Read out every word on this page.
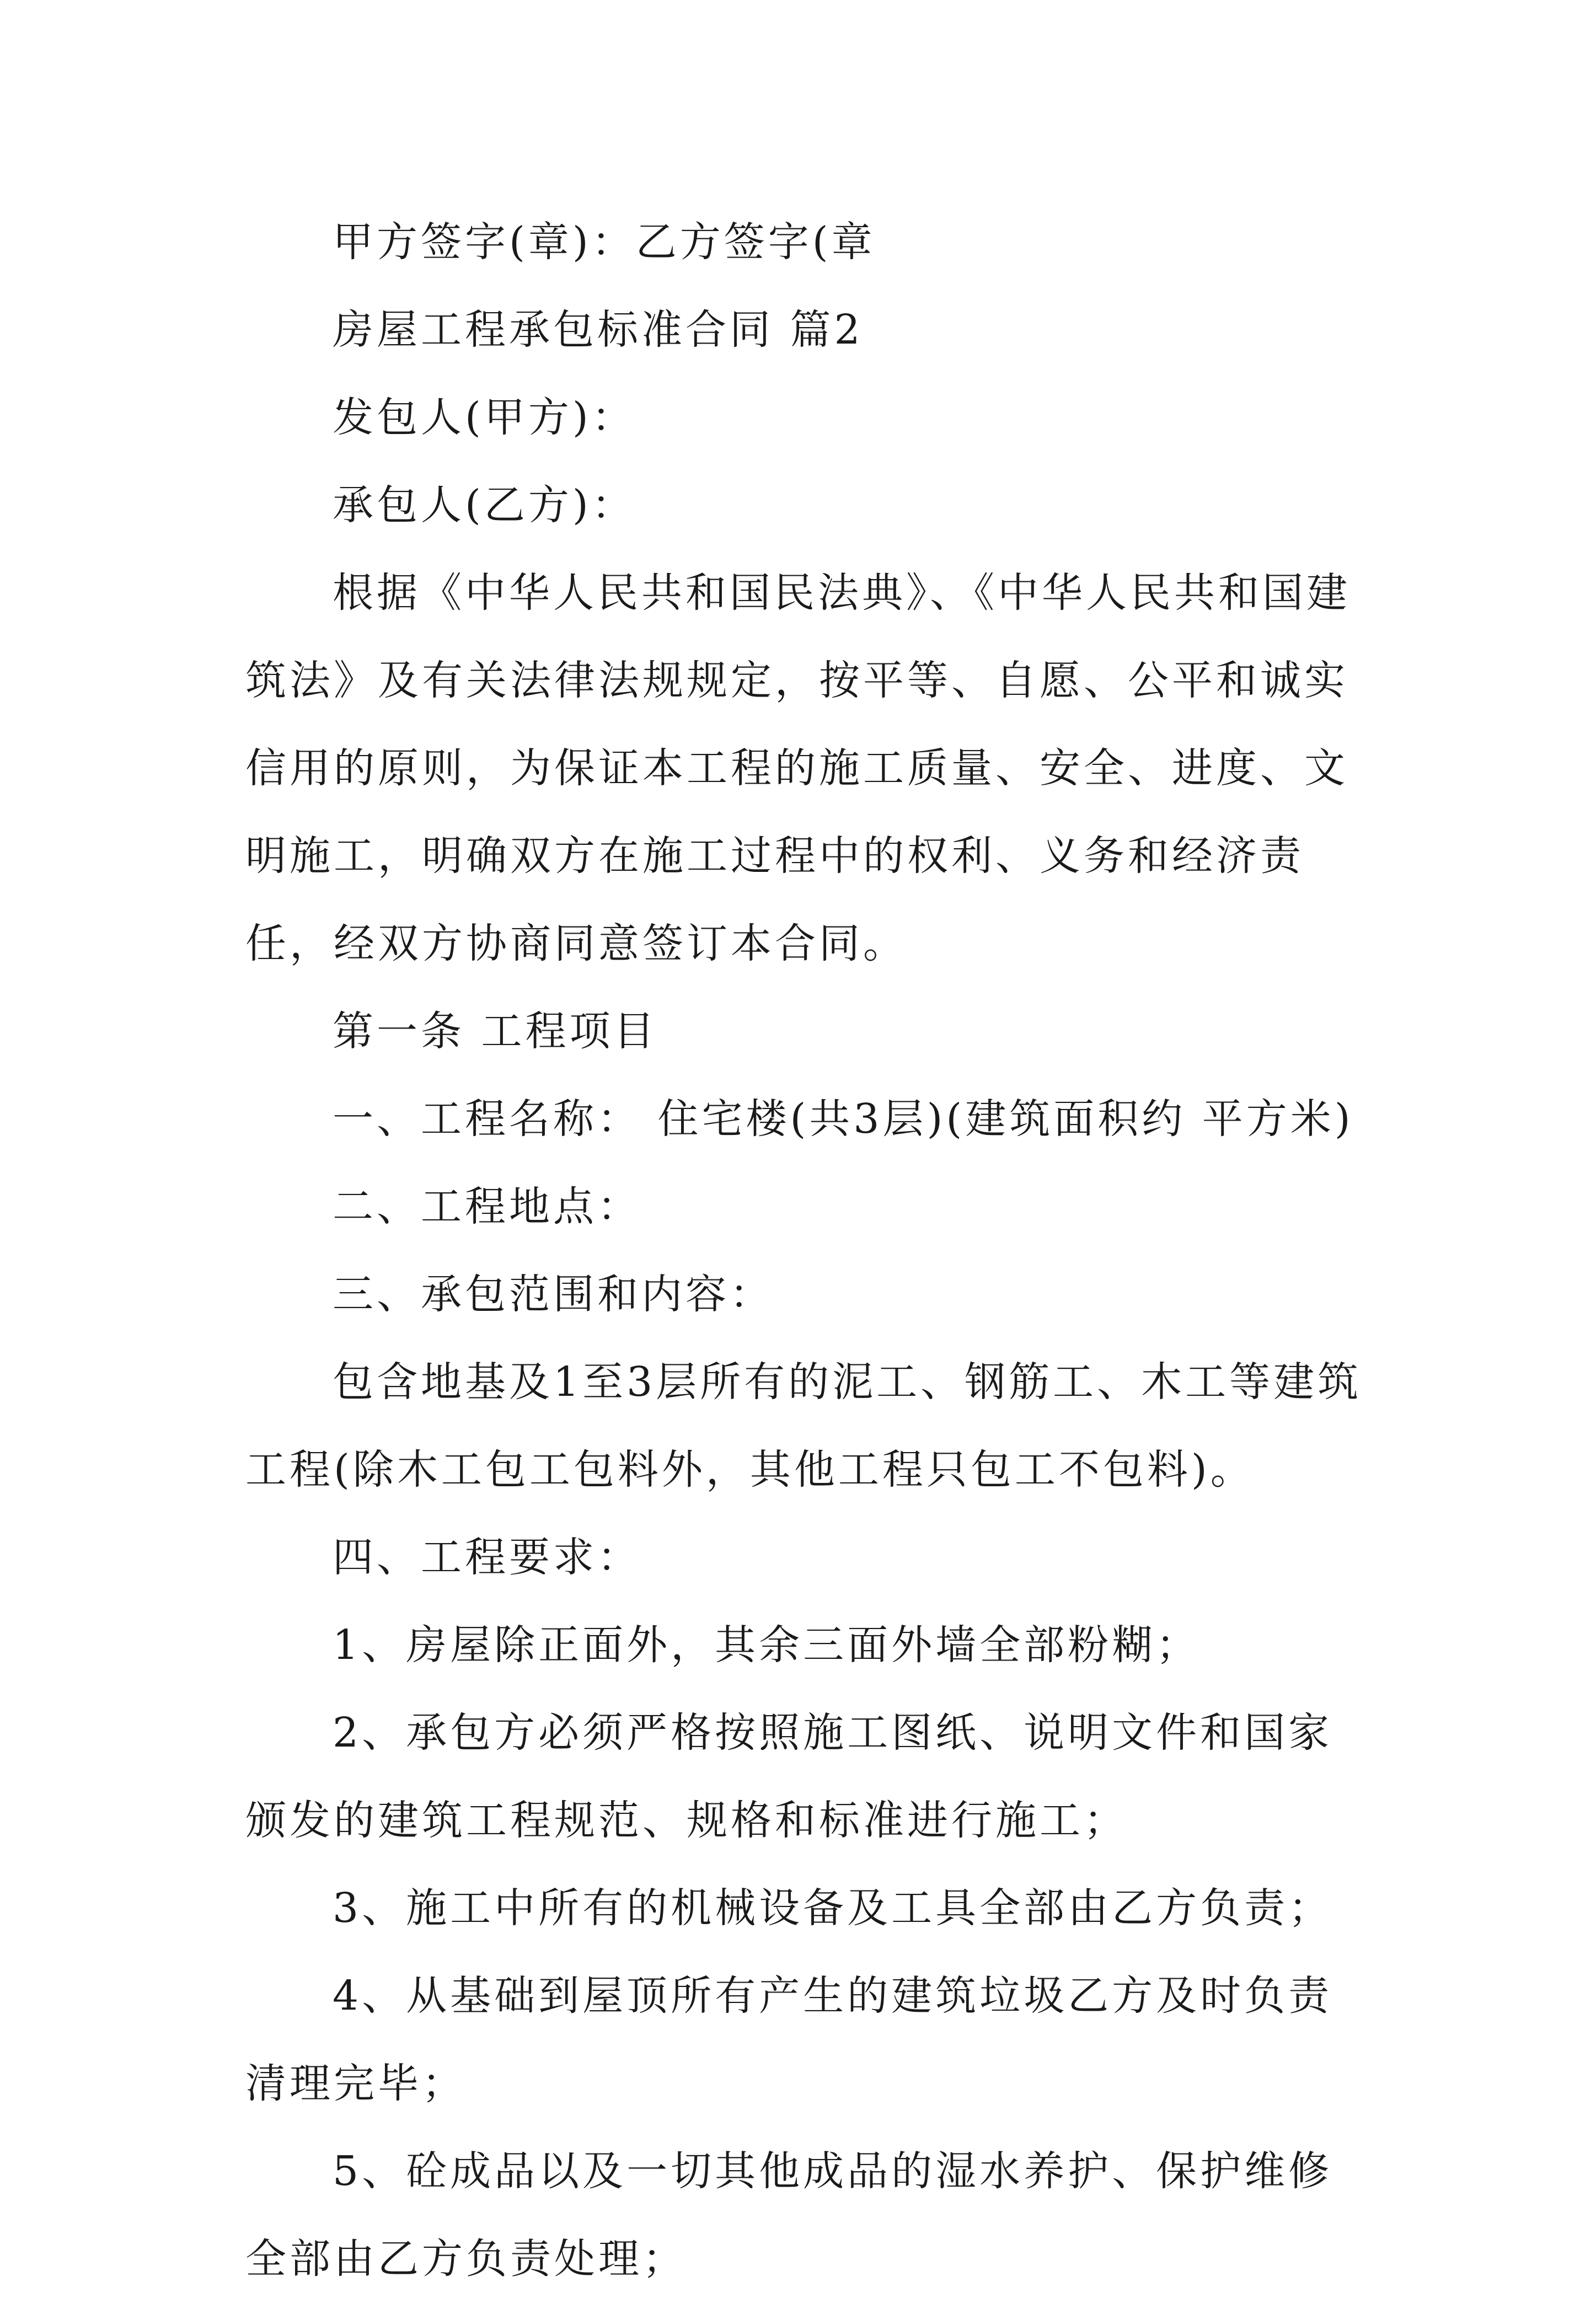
甲方签字(章)：乙方签字(章

房屋工程承包标准合同 篇2

发包人(甲方)：

承包人(乙方)：

根据《中华人民共和国民法典》、《中华人民共和国建筑法》及有关法律法规规定，按平等、自愿、公平和诚实信用的原则，为保证本工程的施工质量、安全、进度、文明施工，明确双方在施工过程中的权利、义务和经济责任，经双方协商同意签订本合同。

第一条 工程项目

一、工程名称： 住宅楼(共3层)(建筑面积约 平方米)

二、工程地点：

三、承包范围和内容：

包含地基及1至3层所有的泥工、钢筋工、木工等建筑工程(除木工包工包料外，其他工程只包工不包料)。

四、工程要求：

1、房屋除正面外，其余三面外墙全部粉糊；

2、承包方必须严格按照施工图纸、说明文件和国家颁发的建筑工程规范、规格和标准进行施工；

3、施工中所有的机械设备及工具全部由乙方负责；

4、从基础到屋顶所有产生的建筑垃圾乙方及时负责清理完毕；

5、砼成品以及一切其他成品的湿水养护、保护维修全部由乙方负责处理；
